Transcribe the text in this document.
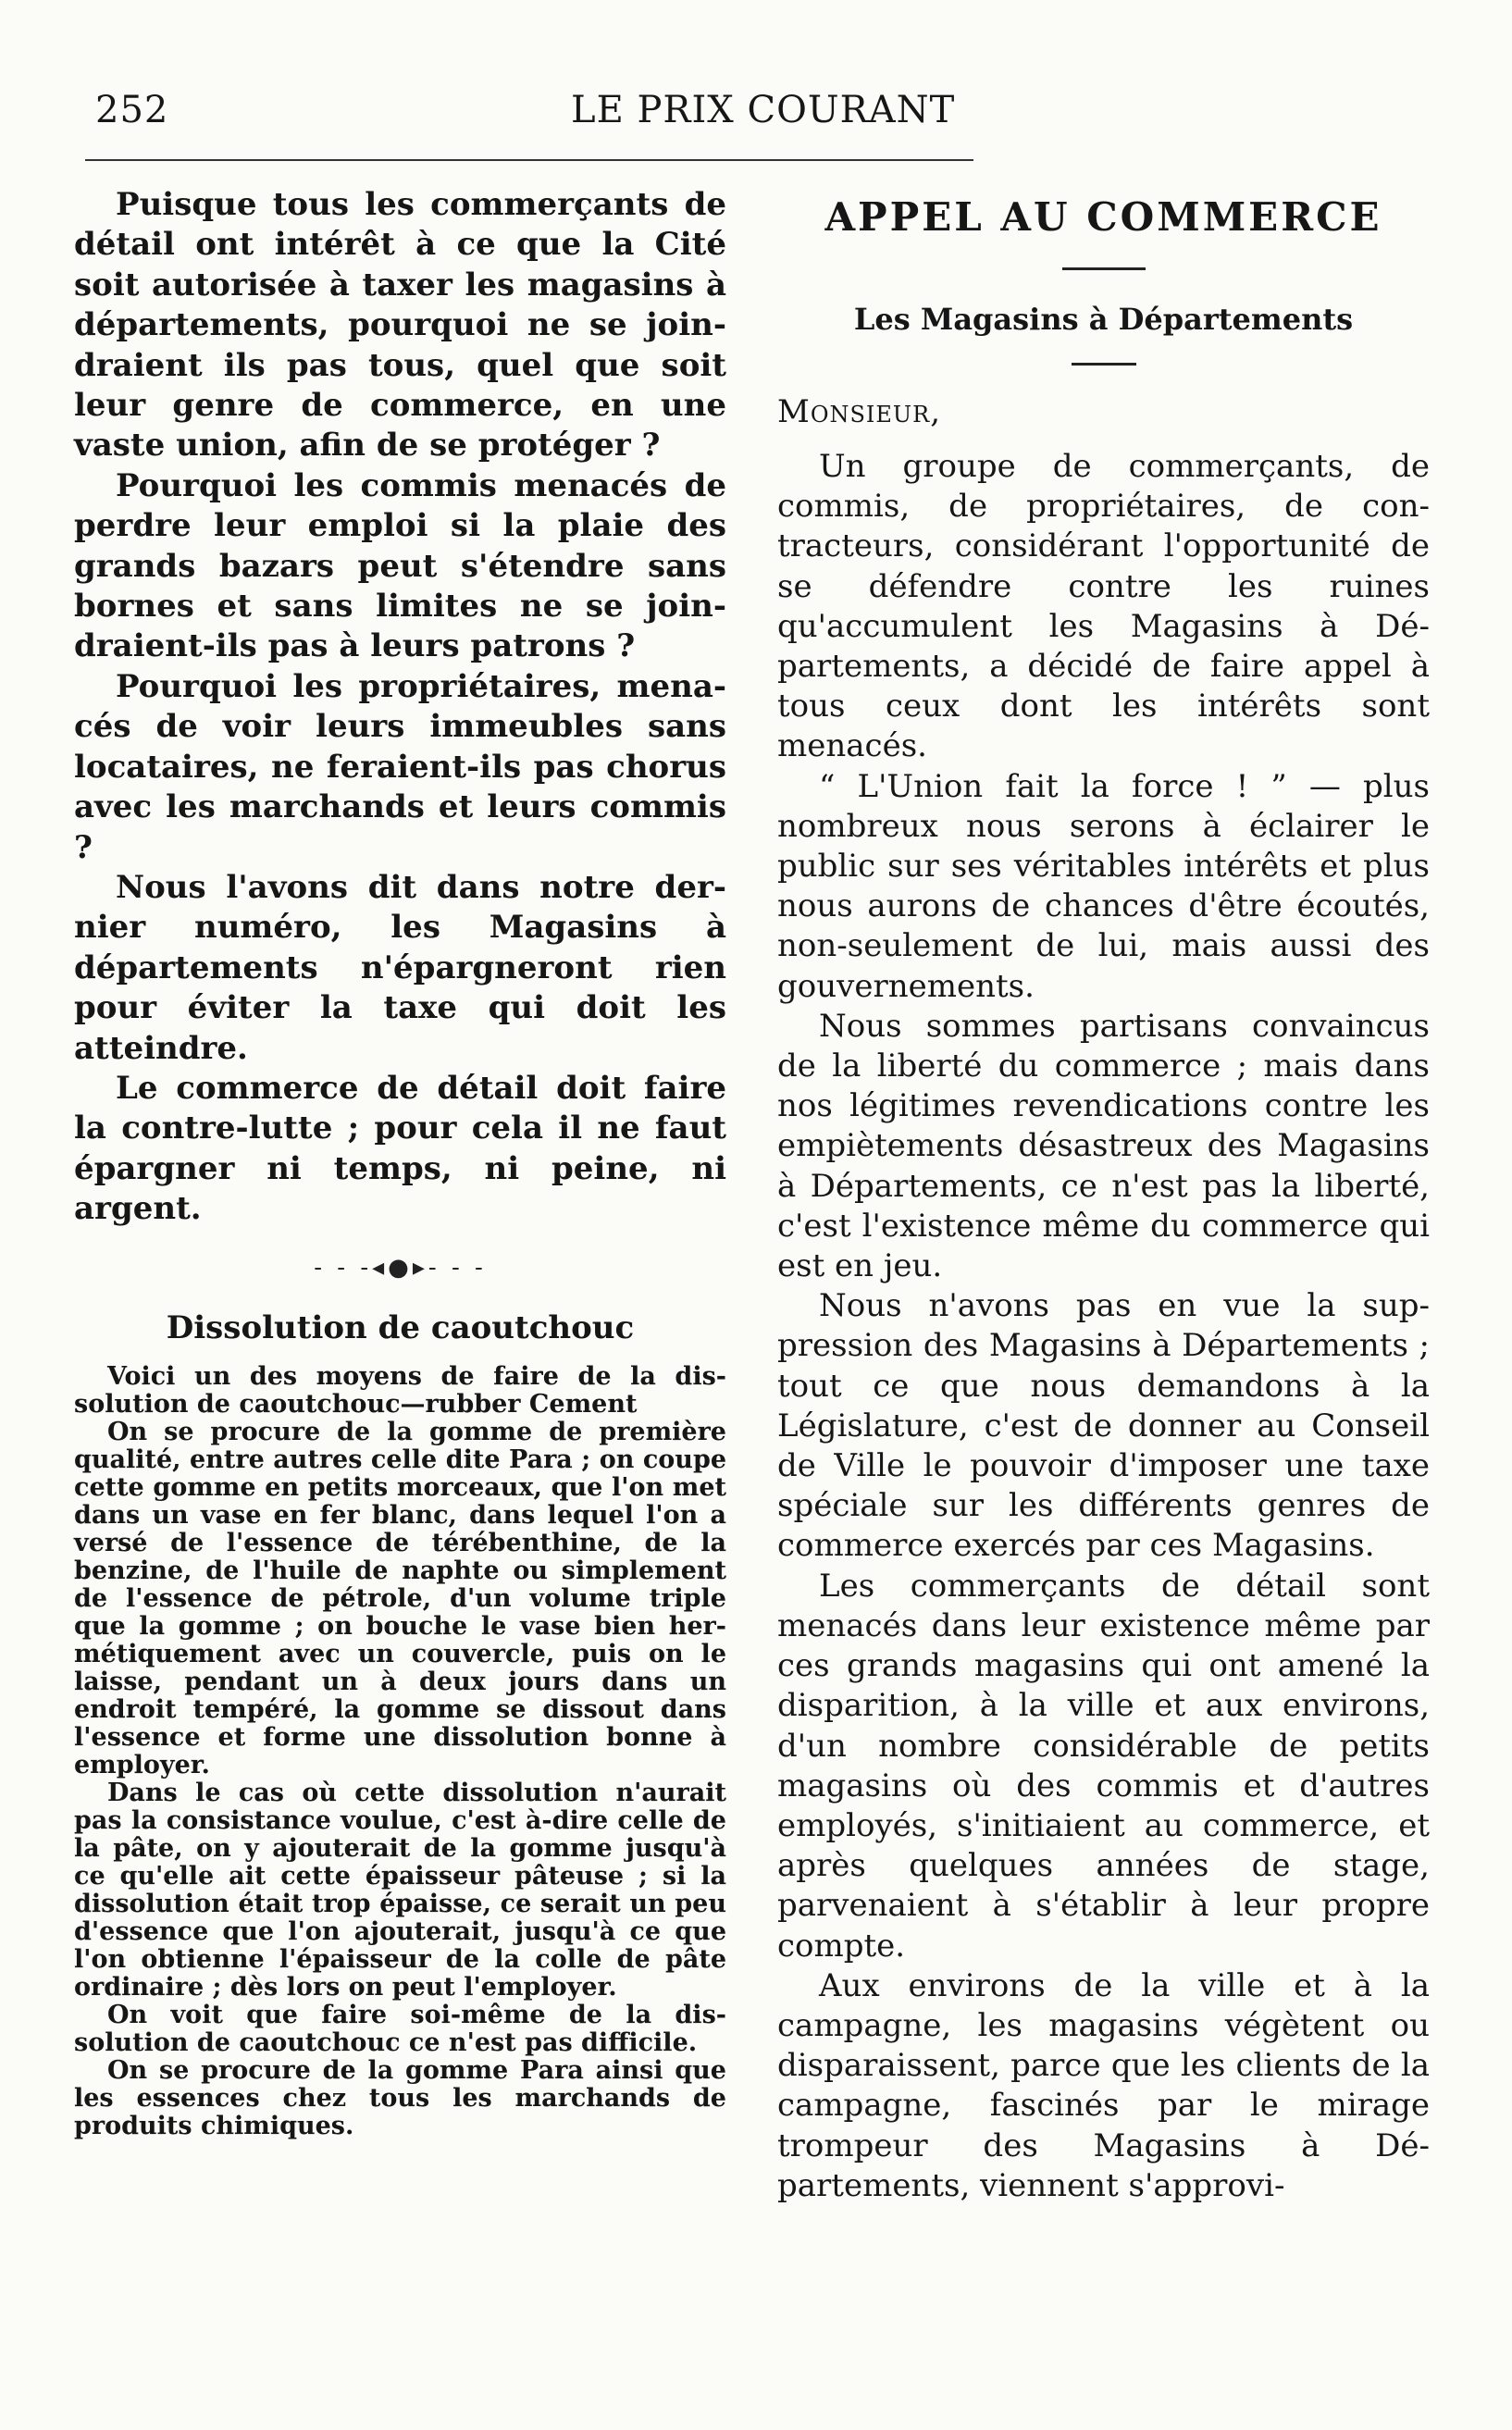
252	LE PRIX COURANT

Puisque tous les commerçants de détail ont intérêt à ce que la Cité soit autorisée à taxer les magasins à départements, pourquoi ne se joindraient ils pas tous, quel que soit leur genre de commerce, en une vaste union, afin de se protéger ?

Pourquoi les commis menacés de perdre leur emploi si la plaie des grands bazars peut s'étendre sans bornes et sans limites ne se joindraient-ils pas à leurs patrons ?

Pourquoi les propriétaires, menacés de voir leurs immeubles sans locataires, ne feraient-ils pas chorus avec les marchands et leurs commis ?

Nous l'avons dit dans notre dernier numéro, les Magasins à départements n'épargneront rien pour éviter la taxe qui doit les atteindre.

Le commerce de détail doit faire la contre-lutte ; pour cela il ne faut épargner ni temps, ni peine, ni argent.

- - -◂●▸- - -
Dissolution de caoutchouc

Voici un des moyens de faire de la dissolution de caoutchouc—rubber Cement

On se procure de la gomme de première qualité, entre autres celle dite Para ; on coupe cette gomme en petits morceaux, que l'on met dans un vase en fer blanc, dans lequel l'on a versé de l'essence de térébenthine, de la benzine, de l'huile de naphte ou simplement de l'essence de pétrole, d'un volume triple que la gomme ; on bouche le vase bien hermétiquement avec un couvercle, puis on le laisse, pendant un à deux jours dans un endroit tempéré, la gomme se dissout dans l'essence et forme une dissolution bonne à employer.

Dans le cas où cette dissolution n'aurait pas la consistance voulue, c'est à-dire celle de la pâte, on y ajouterait de la gomme jusqu'à ce qu'elle ait cette épaisseur pâteuse ; si la dissolution était trop épaisse, ce serait un peu d'essence que l'on ajouterait, jusqu'à ce que l'on obtienne l'épaisseur de la colle de pâte ordinaire ; dès lors on peut l'employer.

On voit que faire soi-même de la dissolution de caoutchouc ce n'est pas difficile.

On se procure de la gomme Para ainsi que les essences chez tous les marchands de produits chimiques.

APPEL AU COMMERCE
Les Magasins à Départements
Monsieur,

Un groupe de commerçants, de commis, de propriétaires, de contracteurs, considérant l'opportunité de se défendre contre les ruines qu'accumulent les Magasins à Départements, a décidé de faire appel à tous ceux dont les intérêts sont menacés.

“ L'Union fait la force ! ” — plus nombreux nous serons à éclairer le public sur ses véritables intérêts et plus nous aurons de chances d'être écoutés, non-seulement de lui, mais aussi des gouvernements.

Nous sommes partisans convaincus de la liberté du commerce ; mais dans nos légitimes revendications contre les empiètements désastreux des Magasins à Départements, ce n'est pas la liberté, c'est l'existence même du commerce qui est en jeu.

Nous n'avons pas en vue la suppression des Magasins à Départements ; tout ce que nous demandons à la Législature, c'est de donner au Conseil de Ville le pouvoir d'imposer une taxe spéciale sur les différents genres de commerce exercés par ces Magasins.

Les commerçants de détail sont menacés dans leur existence même par ces grands magasins qui ont amené la disparition, à la ville et aux environs, d'un nombre considérable de petits magasins où des commis et d'autres employés, s'initiaient au commerce, et après quelques années de stage, parvenaient à s'établir à leur propre compte.

Aux environs de la ville et à la campagne, les magasins végètent ou disparaissent, parce que les clients de la campagne, fascinés par le mirage trompeur des Magasins à Départements, viennent s'approvi-
